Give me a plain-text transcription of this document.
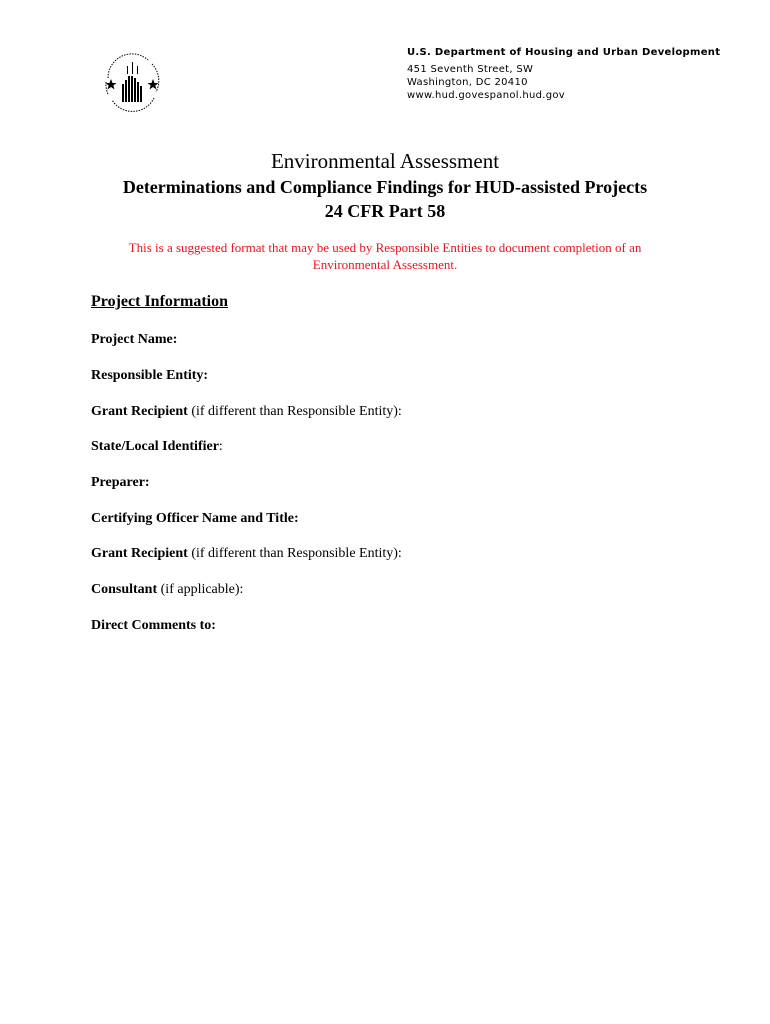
U.S. Department of Housing and Urban Development
451 Seventh Street, SW
Washington, DC 20410
www.hud.govespanol.hud.gov
Environmental Assessment
Determinations and Compliance Findings for HUD-assisted Projects
24 CFR Part 58
This is a suggested format that may be used by Responsible Entities to document completion of an Environmental Assessment.
Project Information
Project Name:
Responsible Entity:
Grant Recipient (if different than Responsible Entity):
State/Local Identifier:
Preparer:
Certifying Officer Name and Title:
Grant Recipient (if different than Responsible Entity):
Consultant (if applicable):
Direct Comments to:
